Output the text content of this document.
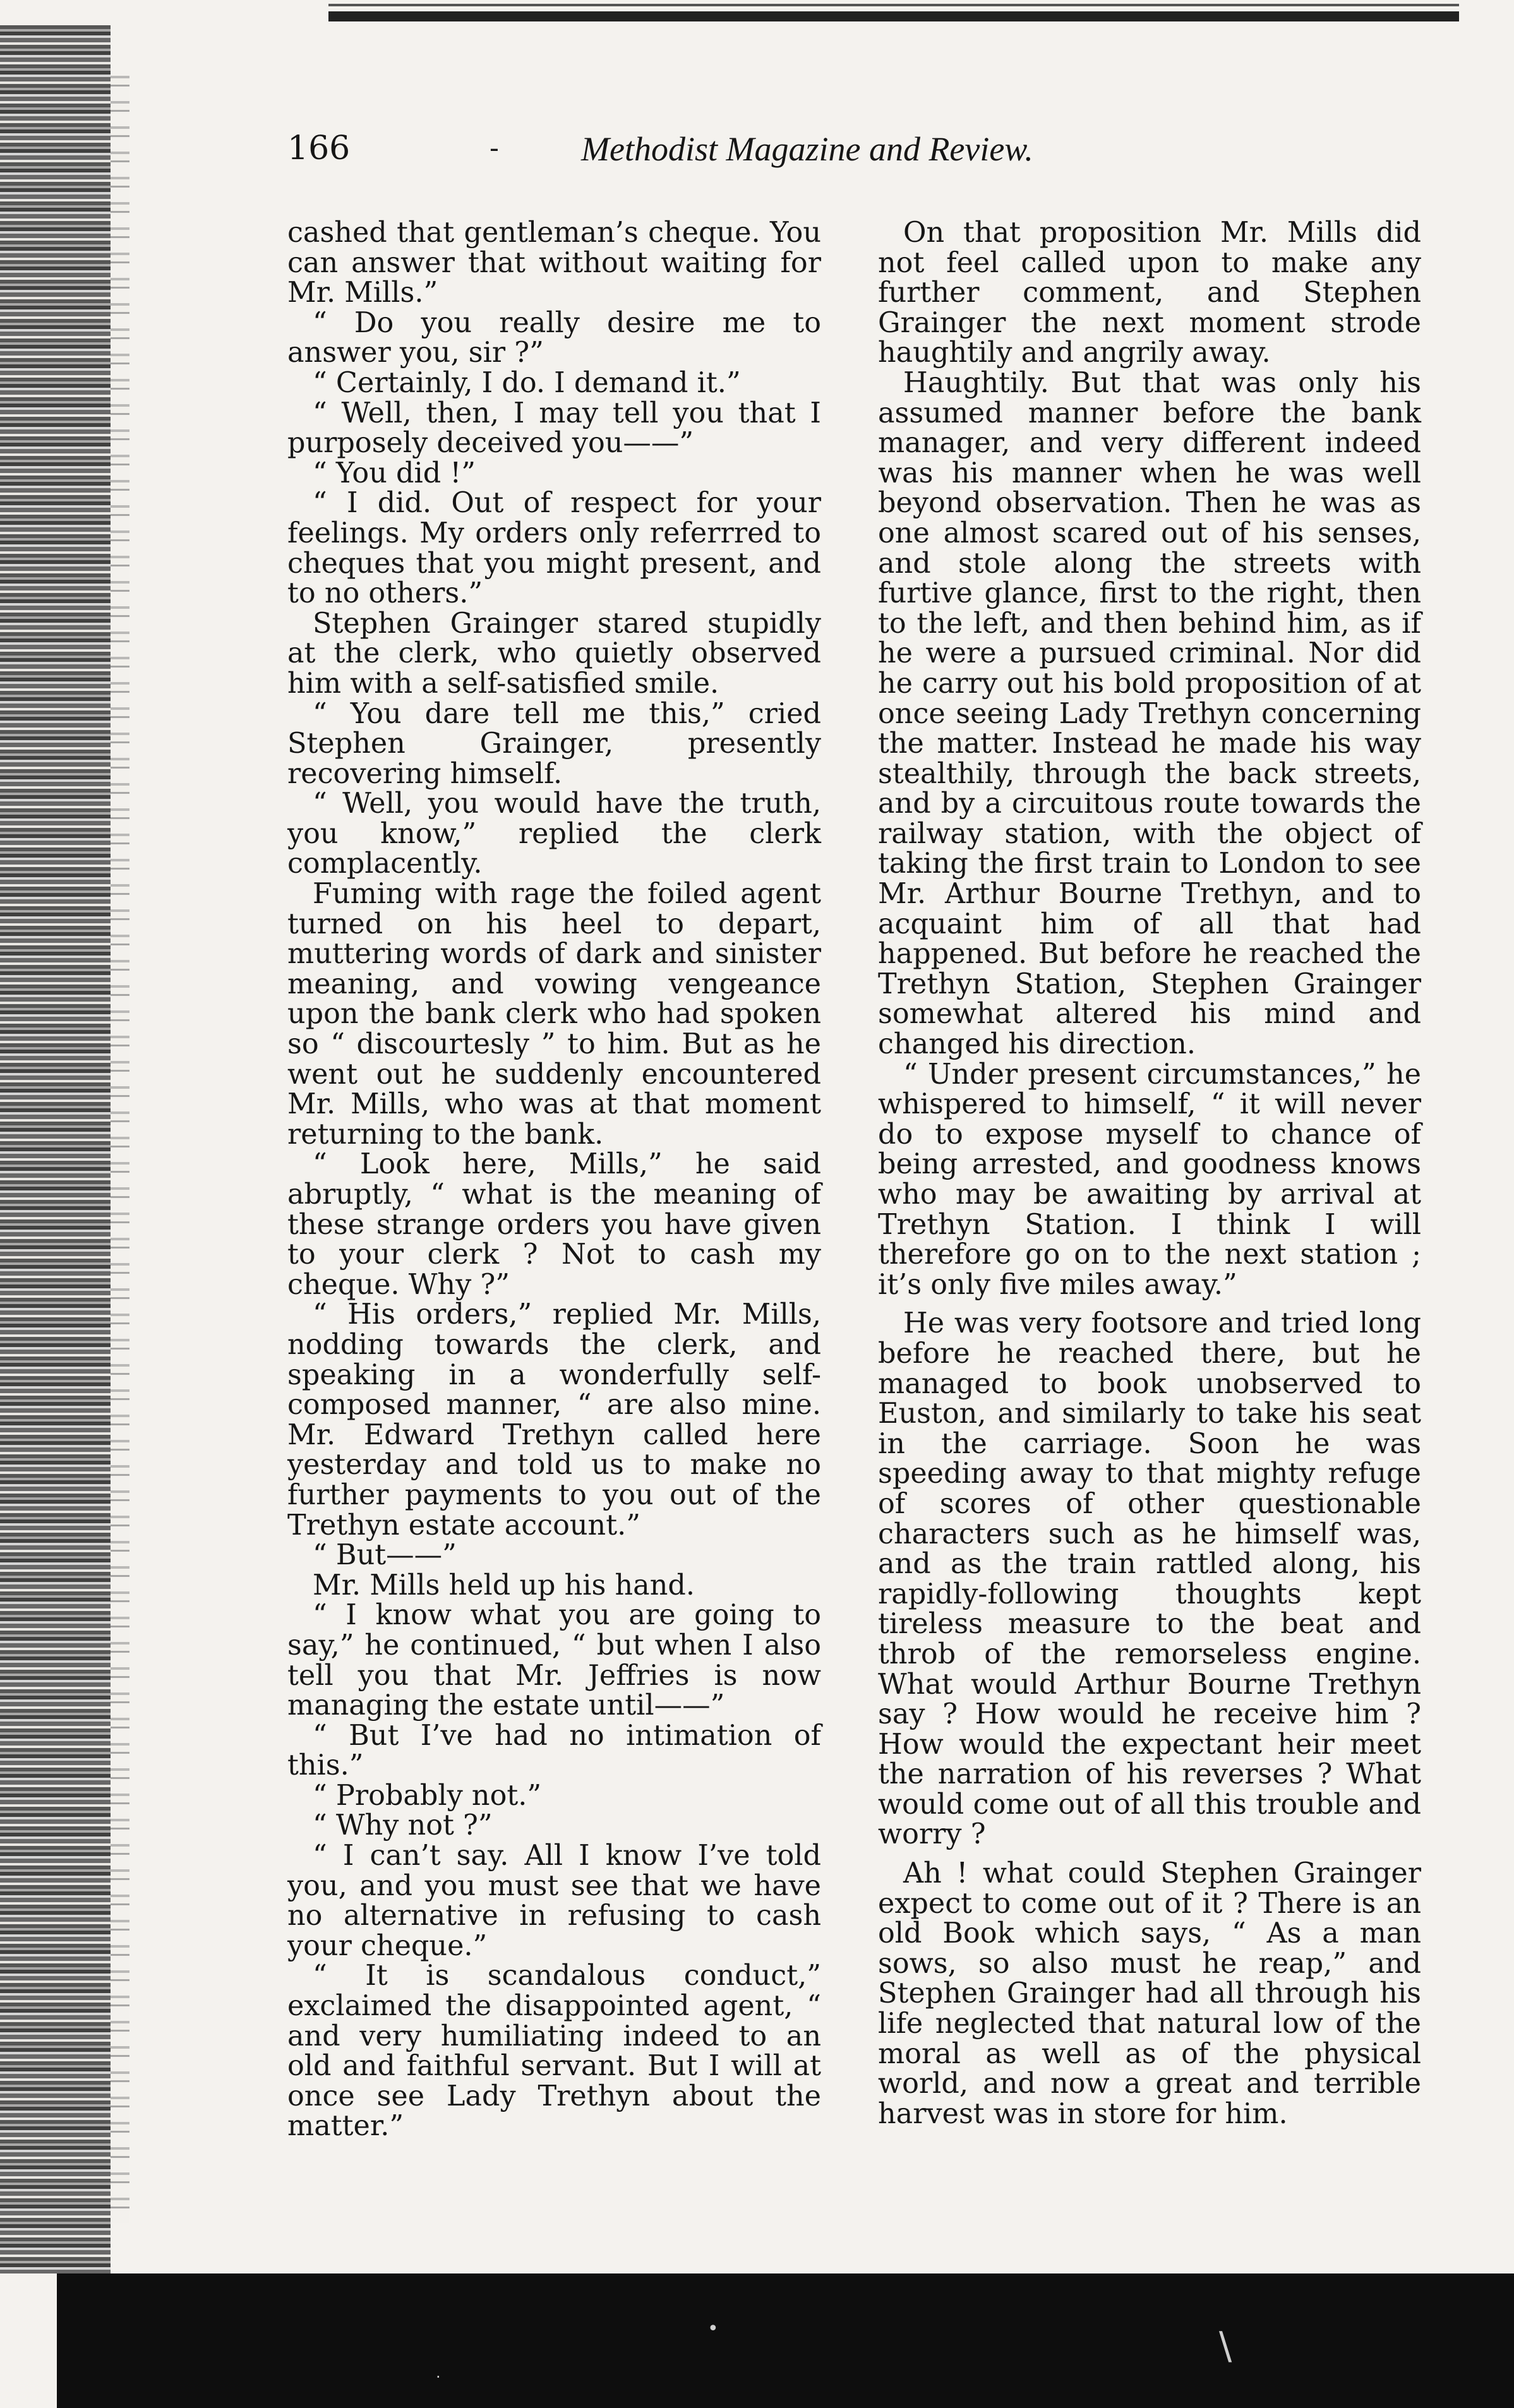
166	- Methodist Magazine and Review.

cashed that gentleman’s cheque. You can answer that without waiting for Mr. Mills.”

“ Do you really desire me to answer you, sir ?”

“ Certainly, I do. I demand it.”

“ Well, then, I may tell you that I purposely deceived you——”

“ You did !”

“ I did. Out of respect for your feelings. My orders only referrred to cheques that you might present, and to no others.”

Stephen Grainger stared stupidly at the clerk, who quietly observed him with a self-satisfied smile.

“ You dare tell me this,” cried Stephen Grainger, presently recovering himself.

“ Well, you would have the truth, you know,” replied the clerk complacently.

Fuming with rage the foiled agent turned on his heel to depart, muttering words of dark and sinister meaning, and vowing vengeance upon the bank clerk who had spoken so “ discourtesly ” to him. But as he went out he suddenly encountered Mr. Mills, who was at that moment returning to the bank.

“ Look here, Mills,” he said abruptly, “ what is the meaning of these strange orders you have given to your clerk ? Not to cash my cheque. Why ?”

“ His orders,” replied Mr. Mills, nodding towards the clerk, and speaking in a wonderfully self-composed manner, “ are also mine. Mr. Edward Trethyn called here yesterday and told us to make no further payments to you out of the Trethyn estate account.”

“ But——”

Mr. Mills held up his hand.

“ I know what you are going to say,” he continued, “ but when I also tell you that Mr. Jeffries is now managing the estate until——”

“ But I’ve had no intimation of this.”

“ Probably not.”

“ Why not ?”

“ I can’t say. All I know I’ve told you, and you must see that we have no alternative in refusing to cash your cheque.”

“ It is scandalous conduct,” exclaimed the disappointed agent, “ and very humiliating indeed to an old and faithful servant. But I will at once see Lady Trethyn about the matter.”

On that proposition Mr. Mills did not feel called upon to make any further comment, and Stephen Grainger the next moment strode haughtily and angrily away.

Haughtily. But that was only his assumed manner before the bank manager, and very different indeed was his manner when he was well beyond observation. Then he was as one almost scared out of his senses, and stole along the streets with furtive glance, first to the right, then to the left, and then behind him, as if he were a pursued criminal. Nor did he carry out his bold proposition of at once seeing Lady Trethyn concerning the matter. Instead he made his way stealthily, through the back streets, and by a circuitous route towards the railway station, with the object of taking the first train to London to see Mr. Arthur Bourne Trethyn, and to acquaint him of all that had happened. But before he reached the Trethyn Station, Stephen Grainger somewhat altered his mind and changed his direction.

“ Under present circumstances,” he whispered to himself, “ it will never do to expose myself to chance of being arrested, and goodness knows who may be awaiting by arrival at Trethyn Station. I think I will therefore go on to the next station ; it’s only five miles away.”

He was very footsore and tried long before he reached there, but he managed to book unobserved to Euston, and similarly to take his seat in the carriage. Soon he was speeding away to that mighty refuge of scores of other questionable characters such as he himself was, and as the train rattled along, his rapidly-following thoughts kept tireless measure to the beat and throb of the remorseless engine. What would Arthur Bourne Trethyn say ? How would he receive him ? How would the expectant heir meet the narration of his reverses ? What would come out of all this trouble and worry ?

Ah ! what could Stephen Grainger expect to come out of it ? There is an old Book which says, “ As a man sows, so also must he reap,” and Stephen Grainger had all through his life neglected that natural low of the moral as well as of the physical world, and now a great and terrible harvest was in store for him.

•	\
·
